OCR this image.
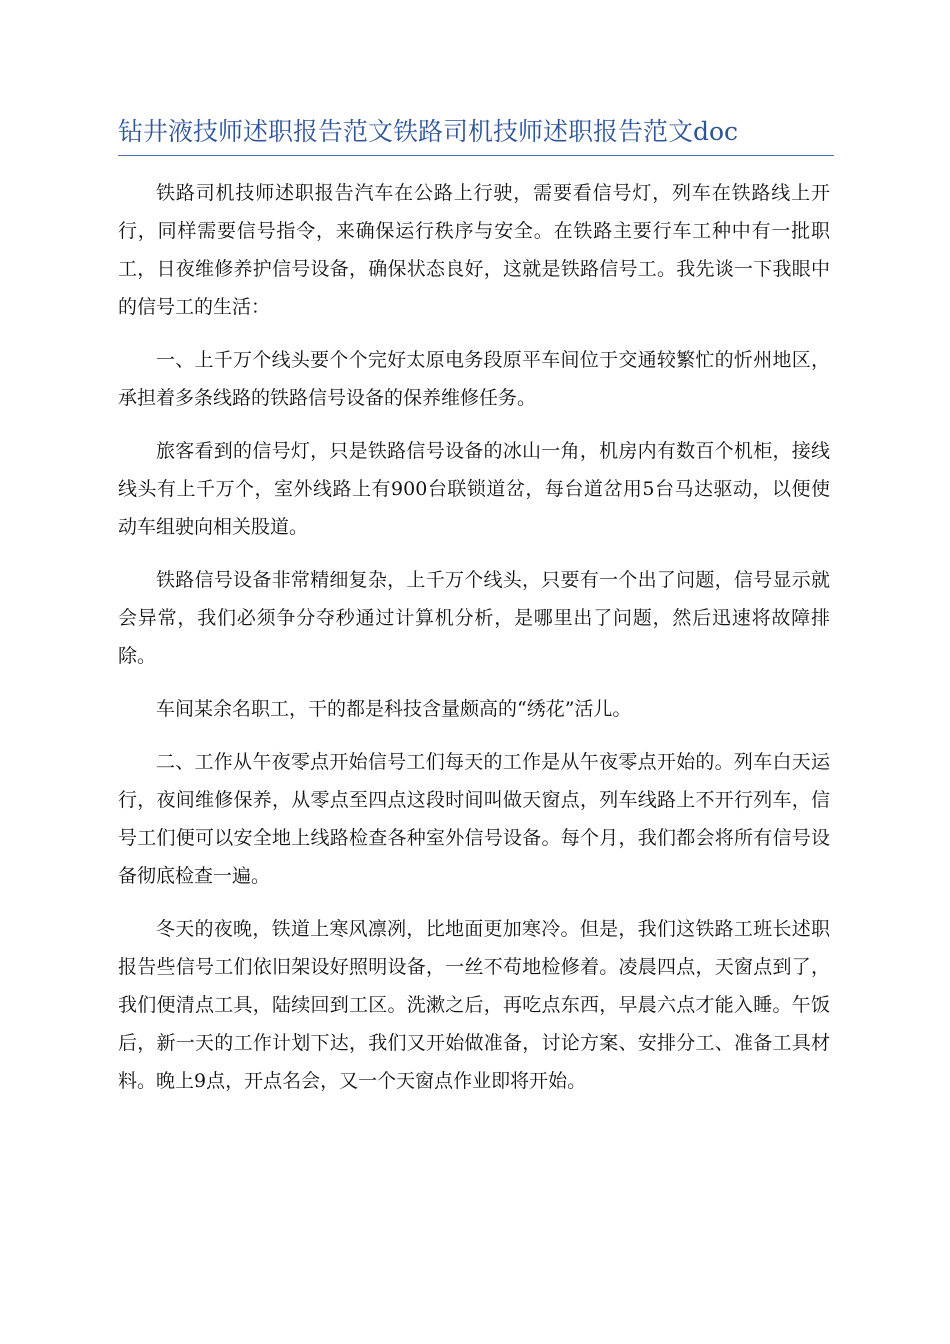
钻井液技师述职报告范文铁路司机技师述职报告范文doc

铁路司机技师述职报告汽车在公路上行驶，需要看信号灯，列车在铁路线上开行，同样需要信号指令，来确保运行秩序与安全。在铁路主要行车工种中有一批职工，日夜维修养护信号设备，确保状态良好，这就是铁路信号工。我先谈一下我眼中的信号工的生活：

一、上千万个线头要个个完好太原电务段原平车间位于交通较繁忙的忻州地区，承担着多条线路的铁路信号设备的保养维修任务。

旅客看到的信号灯，只是铁路信号设备的冰山一角，机房内有数百个机柜，接线线头有上千万个，室外线路上有900台联锁道岔，每台道岔用5台马达驱动，以便使动车组驶向相关股道。

铁路信号设备非常精细复杂，上千万个线头，只要有一个出了问题，信号显示就会异常，我们必须争分夺秒通过计算机分析，是哪里出了问题，然后迅速将故障排除。

车间某余名职工，干的都是科技含量颇高的“绣花”活儿。

二、工作从午夜零点开始信号工们每天的工作是从午夜零点开始的。列车白天运行，夜间维修保养，从零点至四点这段时间叫做天窗点，列车线路上不开行列车，信号工们便可以安全地上线路检查各种室外信号设备。每个月，我们都会将所有信号设备彻底检查一遍。

冬天的夜晚，铁道上寒风凛冽，比地面更加寒冷。但是，我们这铁路工班长述职报告些信号工们依旧架设好照明设备，一丝不苟地检修着。凌晨四点，天窗点到了，我们便清点工具，陆续回到工区。洗漱之后，再吃点东西，早晨六点才能入睡。午饭后，新一天的工作计划下达，我们又开始做准备，讨论方案、安排分工、准备工具材料。晚上9点，开点名会，又一个天窗点作业即将开始。
